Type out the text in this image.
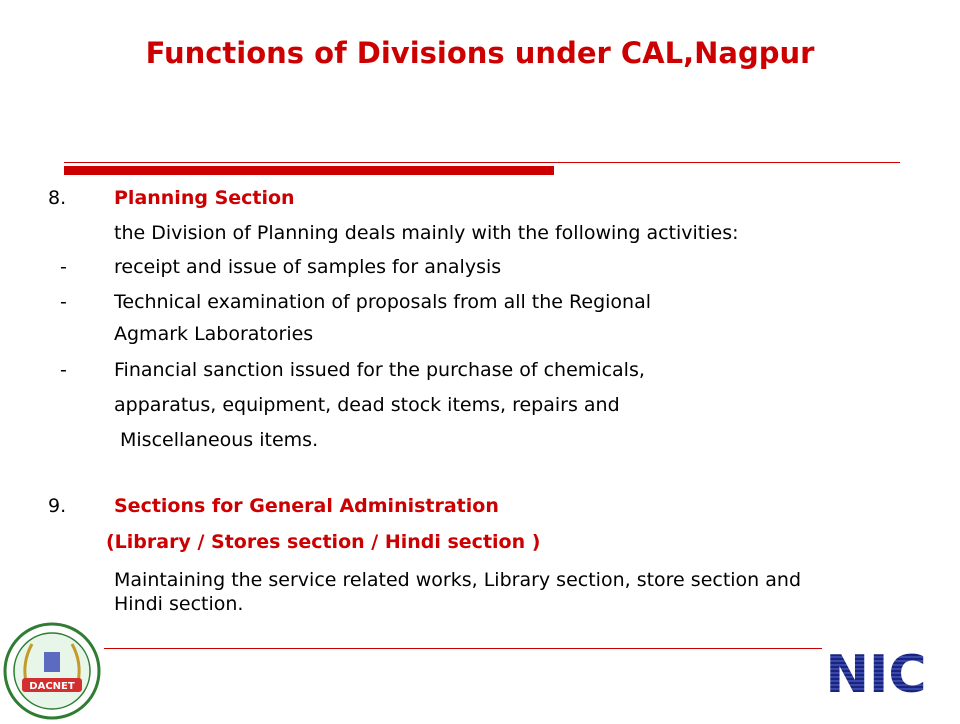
Functions of Divisions under CAL,Nagpur
8.	Planning Section
the Division of Planning deals mainly with the following activities:
- receipt and issue of samples for analysis
- Technical examination of proposals from all the Regional
Agmark Laboratories
- Financial sanction issued for the purchase of chemicals,
apparatus, equipment, dead stock items, repairs and
Miscellaneous items.
9.	Sections for General Administration
(Library / Stores section / Hindi section )
Maintaining the service related works, Library section, store section and Hindi section.
DACNET	NIC
